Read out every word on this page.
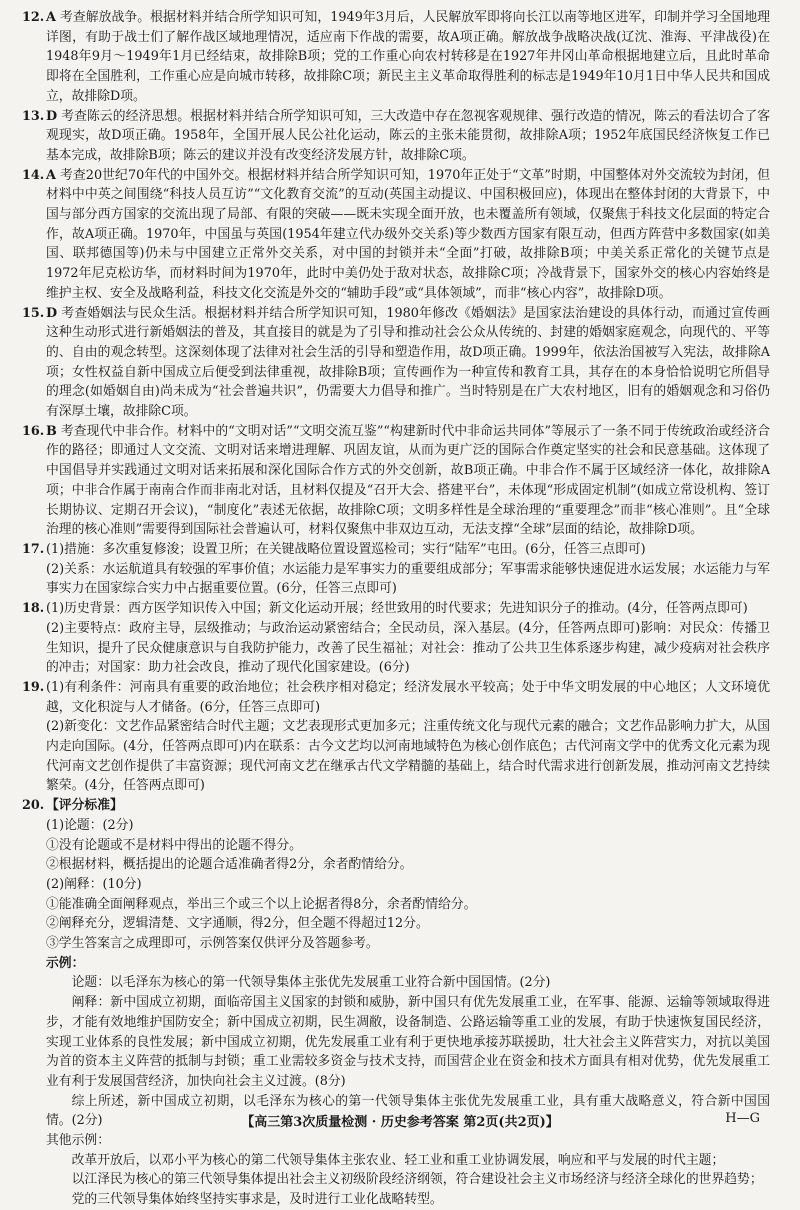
12. A 考查解放战争。根据材料并结合所学知识可知，1949年3月后，人民解放军即将向长江以南等地区进军，印制并学习全国地理详图，有助于战士们了解作战区域地理情况，适应南下作战的需要，故A项正确。解放战争战略决战(辽沈、淮海、平津战役)在1948年9月～1949年1月已经结束，故排除B项；党的工作重心向农村转移是在1927年井冈山革命根据地建立后，且此时革命即将在全国胜利，工作重心应是向城市转移，故排除C项；新民主主义革命取得胜利的标志是1949年10月1日中华人民共和国成立，故排除D项。

13. D 考查陈云的经济思想。根据材料并结合所学知识可知，三大改造中存在忽视客观规律、强行改造的情况，陈云的看法切合了客观现实，故D项正确。1958年，全国开展人民公社化运动，陈云的主张未能贯彻，故排除A项；1952年底国民经济恢复工作已基本完成，故排除B项；陈云的建议并没有改变经济发展方针，故排除C项。

14. A 考查20世纪70年代的中国外交。根据材料并结合所学知识可知，1970年正处于“文革”时期，中国整体对外交流较为封闭，但材料中中英之间围绕“科技人员互访”“文化教育交流”的互动(英国主动提议、中国积极回应)，体现出在整体封闭的大背景下，中国与部分西方国家的交流出现了局部、有限的突破——既未实现全面开放，也未覆盖所有领域，仅聚焦于科技文化层面的特定合作，故A项正确。1970年，中国虽与英国(1954年建立代办级外交关系)等少数西方国家有限互动，但西方阵营中多数国家(如美国、联邦德国等)仍未与中国建立正常外交关系，对中国的封锁并未“全面”打破，故排除B项；中美关系正常化的关键节点是1972年尼克松访华，而材料时间为1970年，此时中美仍处于敌对状态，故排除C项；冷战背景下，国家外交的核心内容始终是维护主权、安全及战略利益，科技文化交流是外交的“辅助手段”或“具体领域”，而非“核心内容”，故排除D项。

15. D 考查婚姻法与民众生活。根据材料并结合所学知识可知，1980年修改《婚姻法》是国家法治建设的具体行动，而通过宣传画这种生动形式进行新婚姻法的普及，其直接目的就是为了引导和推动社会公众从传统的、封建的婚姻家庭观念，向现代的、平等的、自由的观念转型。这深刻体现了法律对社会生活的引导和塑造作用，故D项正确。1999年，依法治国被写入宪法，故排除A项；女性权益自新中国成立后便受到法律重视，故排除B项；宣传画作为一种宣传和教育工具，其存在的本身恰恰说明它所倡导的理念(如婚姻自由)尚未成为“社会普遍共识”，仍需要大力倡导和推广。当时特别是在广大农村地区，旧有的婚姻观念和习俗仍有深厚土壤，故排除C项。

16. B 考查现代中非合作。材料中的“文明对话”“文明交流互鉴”“构建新时代中非命运共同体”等展示了一条不同于传统政治或经济合作的路径；即通过人文交流、文明对话来增进理解、巩固友谊，从而为更广泛的国际合作奠定坚实的社会和民意基础。这体现了中国倡导并实践通过文明对话来拓展和深化国际合作方式的外交创新，故B项正确。中非合作不属于区域经济一体化，故排除A项；中非合作属于南南合作而非南北对话，且材料仅提及“召开大会、搭建平台”，未体现“形成固定机制”(如成立常设机构、签订长期协议、定期召开会议)，“制度化”表述无依据，故排除C项；文明多样性是全球治理的“重要理念”而非“核心准则”。且“全球治理的核心准则”需要得到国际社会普遍认可，材料仅聚焦中非双边互动，无法支撑“全球”层面的结论，故排除D项。

17. (1)措施：多次重复修浚；设置卫所；在关键战略位置设置巡检司；实行“陆军”屯田。(6分，任答三点即可)

(2)关系：水运航道具有较强的军事价值；水运能力是军事实力的重要组成部分；军事需求能够快速促进水运发展；水运能力与军事实力在国家综合实力中占据重要位置。(6分，任答三点即可)

18. (1)历史背景：西方医学知识传入中国；新文化运动开展；经世致用的时代要求；先进知识分子的推动。(4分，任答两点即可)

(2)主要特点：政府主导，层级推动；与政治运动紧密结合；全民动员，深入基层。(4分，任答两点即可)影响：对民众：传播卫生知识，提升了民众健康意识与自我防护能力，改善了民生福祉；对社会：推动了公共卫生体系逐步构建，减少疫病对社会秩序的冲击；对国家：助力社会改良，推动了现代化国家建设。(6分)

19. (1)有利条件：河南具有重要的政治地位；社会秩序相对稳定；经济发展水平较高；处于中华文明发展的中心地区；人文环境优越，文化积淀与人才储备。(6分，任答三点即可)

(2)新变化：文艺作品紧密结合时代主题；文艺表现形式更加多元；注重传统文化与现代元素的融合；文艺作品影响力扩大，从国内走向国际。(4分，任答两点即可)内在联系：古今文艺均以河南地域特色为核心创作底色；古代河南文学中的优秀文化元素为现代河南文艺创作提供了丰富资源；现代河南文艺在继承古代文学精髓的基础上，结合时代需求进行创新发展，推动河南文艺持续繁荣。(4分，任答两点即可)

20. 【评分标准】

(1)论题：(2分)

①没有论题或不是材料中得出的论题不得分。

②根据材料，概括提出的论题合适准确者得2分，余者酌情给分。

(2)阐释：(10分)

①能准确全面阐释观点，举出三个或三个以上论据者得8分，余者酌情给分。

②阐释充分，逻辑清楚、文字通顺，得2分，但全题不得超过12分。

③学生答案言之成理即可，示例答案仅供评分及答题参考。

示例：

论题：以毛泽东为核心的第一代领导集体主张优先发展重工业符合新中国国情。(2分)

阐释：新中国成立初期，面临帝国主义国家的封锁和威胁，新中国只有优先发展重工业，在军事、能源、运输等领域取得进步，才能有效地维护国防安全；新中国成立初期，民生凋敝，设备制造、公路运输等重工业的发展，有助于快速恢复国民经济，实现工业体系的良性发展；新中国成立初期，优先发展重工业有利于更快地承接苏联援助，壮大社会主义阵营实力，对抗以美国为首的资本主义阵营的抵制与封锁；重工业需较多资金与技术支持，而国营企业在资金和技术方面具有相对优势，优先发展重工业有利于发展国营经济，加快向社会主义过渡。(8分)

综上所述，新中国成立初期，以毛泽东为核心的第一代领导集体主张优先发展重工业，具有重大战略意义，符合新中国国情。(2分)

其他示例：

改革开放后，以邓小平为核心的第二代领导集体主张农业、轻工业和重工业协调发展，响应和平与发展的时代主题；

以江泽民为核心的第三代领导集体提出社会主义初级阶段经济纲领，符合建设社会主义市场经济与经济全球化的世界趋势；

党的三代领导集体始终坚持实事求是，及时进行工业化战略转型。

【高三第3次质量检测 · 历史参考答案 第2页(共2页)】	H—G
